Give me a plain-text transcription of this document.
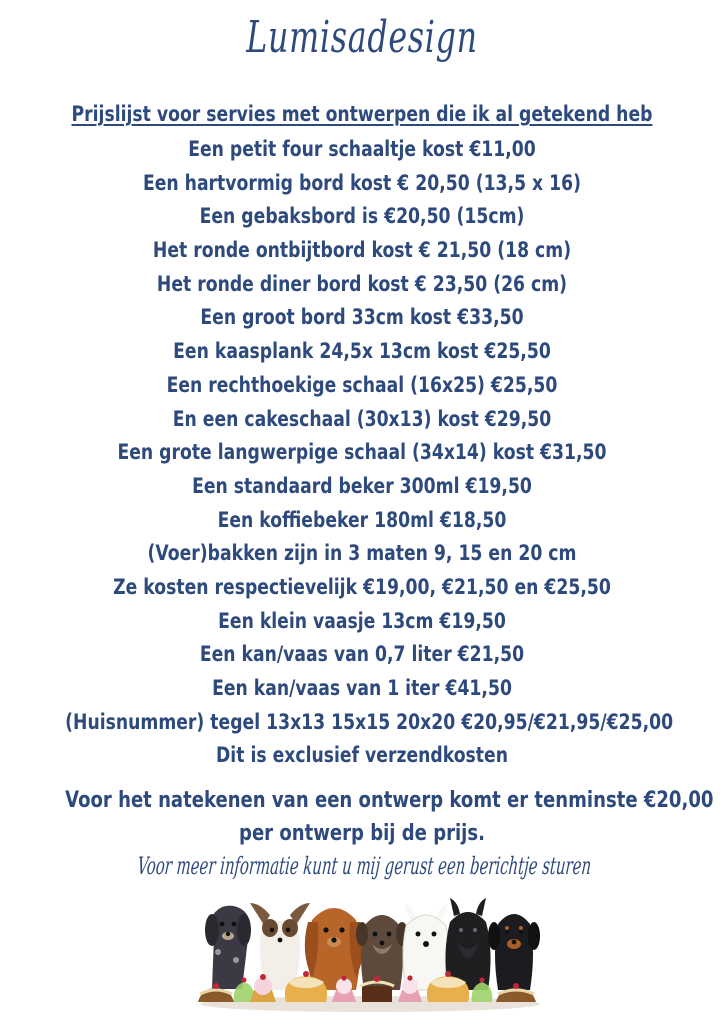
Lumisadesign
Prijslijst voor servies met ontwerpen die ik al getekend heb
Een petit four schaaltje kost €11,00
Een hartvormig bord kost € 20,50 (13,5 x 16)
Een gebaksbord is €20,50 (15cm)
Het ronde ontbijtbord kost € 21,50 (18 cm)
Het ronde diner bord kost € 23,50 (26 cm)
Een groot bord 33cm kost €33,50
Een kaasplank 24,5x 13cm kost €25,50
Een rechthoekige schaal (16x25) €25,50
En een cakeschaal (30x13) kost €29,50
Een grote langwerpige schaal (34x14) kost €31,50
Een standaard beker 300ml €19,50
Een koffiebeker 180ml €18,50
(Voer)bakken zijn in 3 maten 9, 15 en 20 cm
Ze kosten respectievelijk €19,00, €21,50 en €25,50
Een klein vaasje 13cm €19,50
Een kan/vaas van 0,7 liter €21,50
Een kan/vaas van 1 iter €41,50
(Huisnummer) tegel 13x13 15x15 20x20 €20,95/€21,95/€25,00
Dit is exclusief verzendkosten
Voor het natekenen van een ontwerp komt er tenminste €20,00
per ontwerp bij de prijs.
Voor meer informatie kunt u mij gerust een berichtje sturen
